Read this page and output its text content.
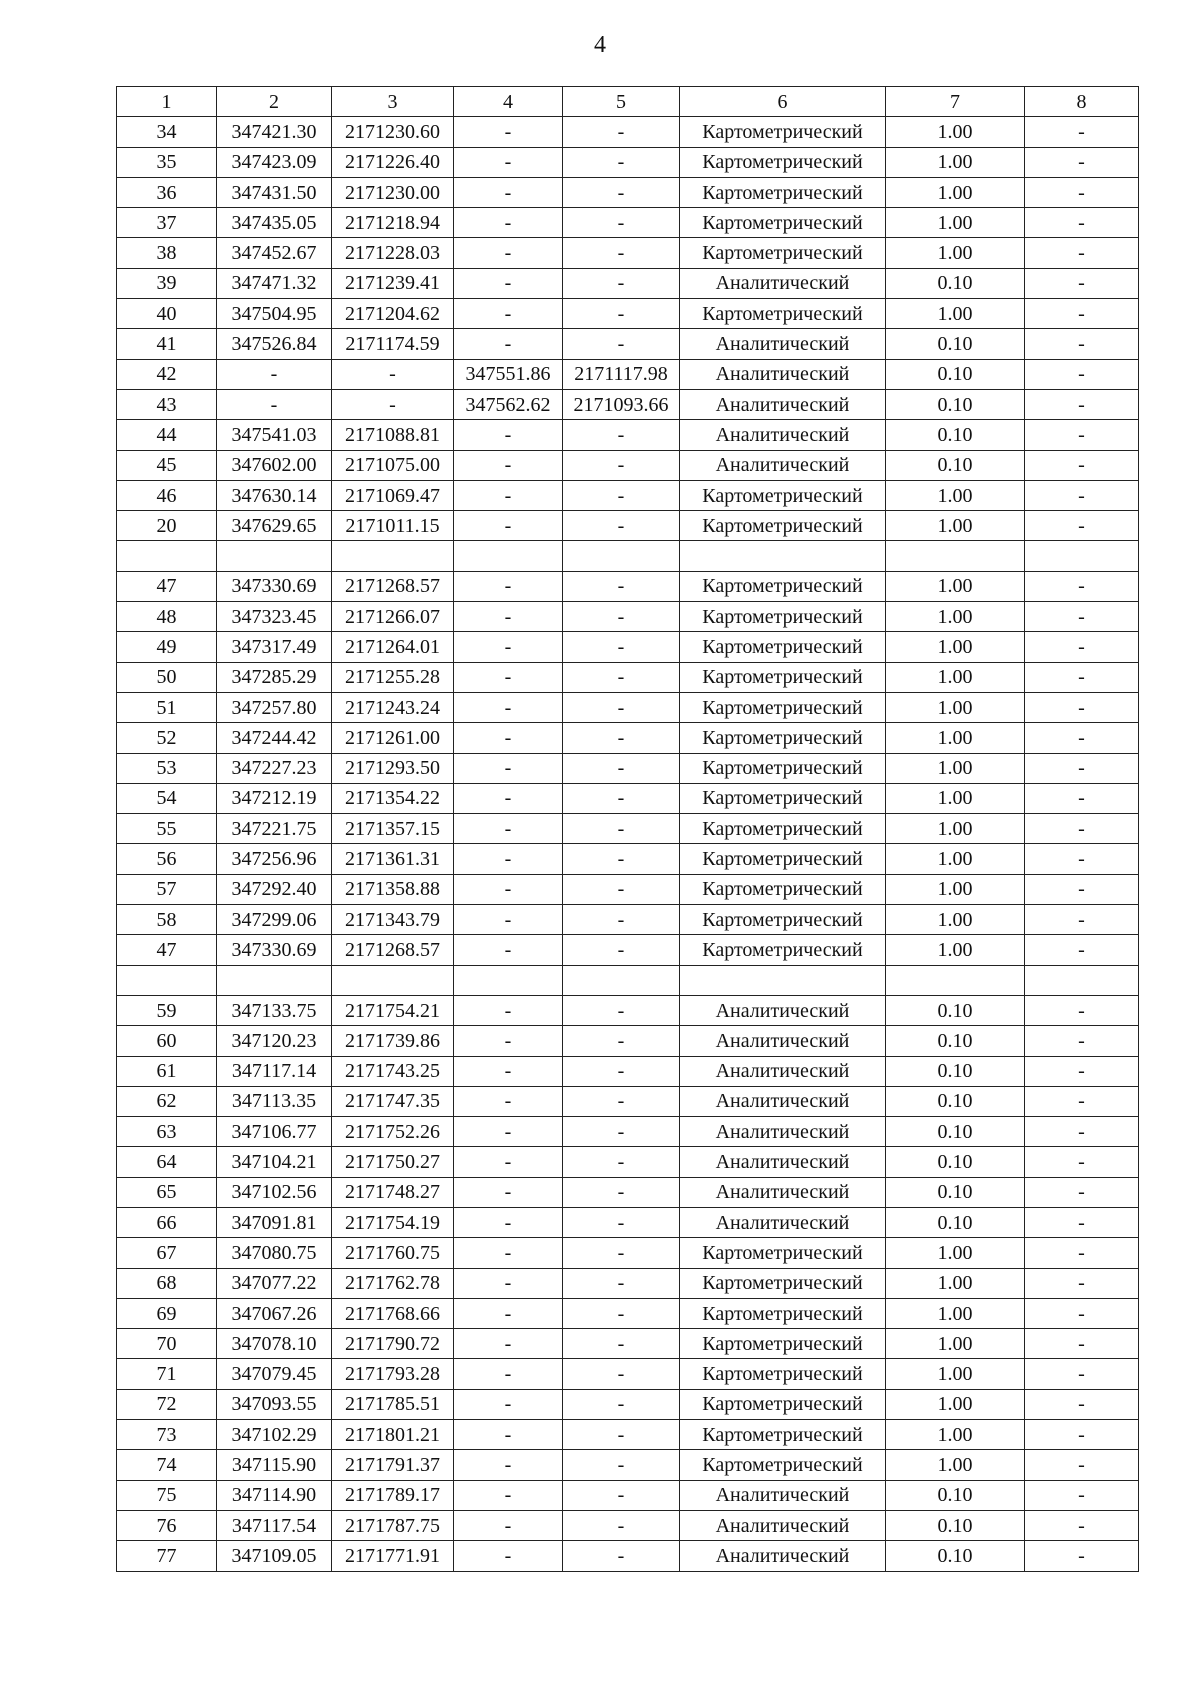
4
1	2	3	4	5	6	7	8
34	347421.30	2171230.60	-	-	Картометрический	1.00	-
35	347423.09	2171226.40	-	-	Картометрический	1.00	-
36	347431.50	2171230.00	-	-	Картометрический	1.00	-
37	347435.05	2171218.94	-	-	Картометрический	1.00	-
38	347452.67	2171228.03	-	-	Картометрический	1.00	-
39	347471.32	2171239.41	-	-	Аналитический	0.10	-
40	347504.95	2171204.62	-	-	Картометрический	1.00	-
41	347526.84	2171174.59	-	-	Аналитический	0.10	-
42	-	-	347551.86	2171117.98	Аналитический	0.10	-
43	-	-	347562.62	2171093.66	Аналитический	0.10	-
44	347541.03	2171088.81	-	-	Аналитический	0.10	-
45	347602.00	2171075.00	-	-	Аналитический	0.10	-
46	347630.14	2171069.47	-	-	Картометрический	1.00	-
20	347629.65	2171011.15	-	-	Картометрический	1.00	-

47	347330.69	2171268.57	-	-	Картометрический	1.00	-
48	347323.45	2171266.07	-	-	Картометрический	1.00	-
49	347317.49	2171264.01	-	-	Картометрический	1.00	-
50	347285.29	2171255.28	-	-	Картометрический	1.00	-
51	347257.80	2171243.24	-	-	Картометрический	1.00	-
52	347244.42	2171261.00	-	-	Картометрический	1.00	-
53	347227.23	2171293.50	-	-	Картометрический	1.00	-
54	347212.19	2171354.22	-	-	Картометрический	1.00	-
55	347221.75	2171357.15	-	-	Картометрический	1.00	-
56	347256.96	2171361.31	-	-	Картометрический	1.00	-
57	347292.40	2171358.88	-	-	Картометрический	1.00	-
58	347299.06	2171343.79	-	-	Картометрический	1.00	-
47	347330.69	2171268.57	-	-	Картометрический	1.00	-

59	347133.75	2171754.21	-	-	Аналитический	0.10	-
60	347120.23	2171739.86	-	-	Аналитический	0.10	-
61	347117.14	2171743.25	-	-	Аналитический	0.10	-
62	347113.35	2171747.35	-	-	Аналитический	0.10	-
63	347106.77	2171752.26	-	-	Аналитический	0.10	-
64	347104.21	2171750.27	-	-	Аналитический	0.10	-
65	347102.56	2171748.27	-	-	Аналитический	0.10	-
66	347091.81	2171754.19	-	-	Аналитический	0.10	-
67	347080.75	2171760.75	-	-	Картометрический	1.00	-
68	347077.22	2171762.78	-	-	Картометрический	1.00	-
69	347067.26	2171768.66	-	-	Картометрический	1.00	-
70	347078.10	2171790.72	-	-	Картометрический	1.00	-
71	347079.45	2171793.28	-	-	Картометрический	1.00	-
72	347093.55	2171785.51	-	-	Картометрический	1.00	-
73	347102.29	2171801.21	-	-	Картометрический	1.00	-
74	347115.90	2171791.37	-	-	Картометрический	1.00	-
75	347114.90	2171789.17	-	-	Аналитический	0.10	-
76	347117.54	2171787.75	-	-	Аналитический	0.10	-
77	347109.05	2171771.91	-	-	Аналитический	0.10	-
